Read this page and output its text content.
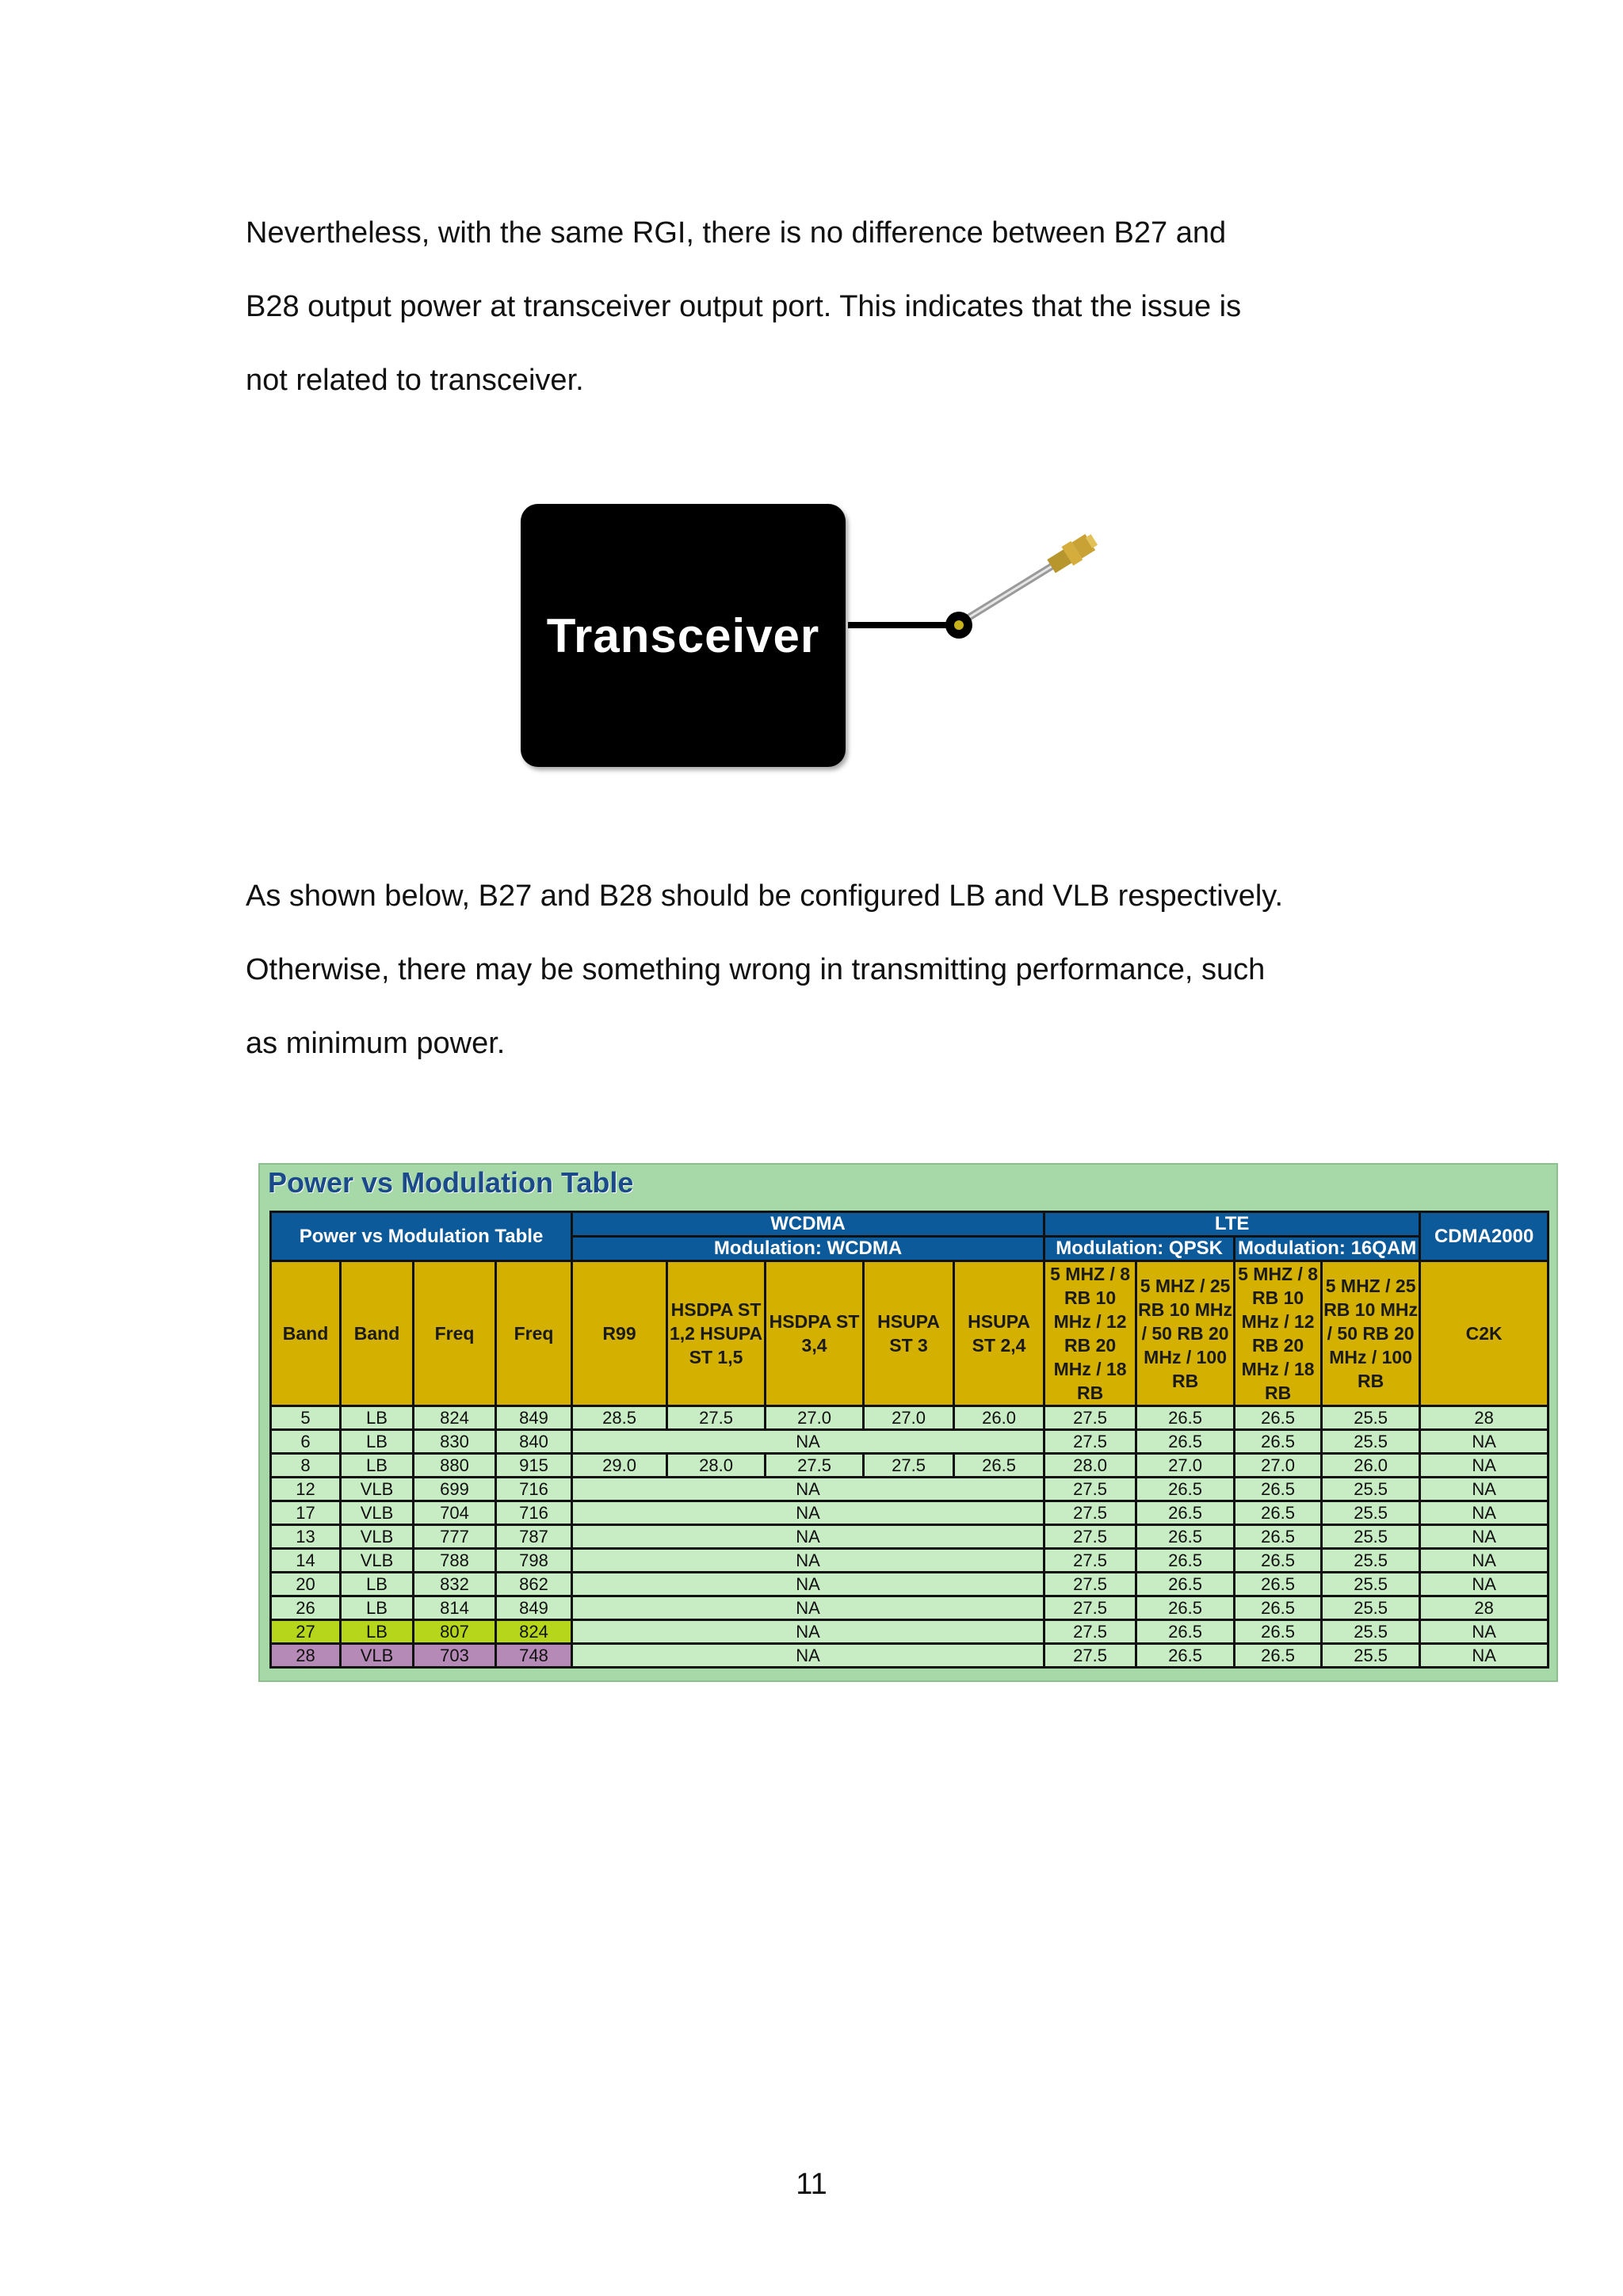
Nevertheless, with the same RGI, there is no difference between B27 and
B28 output power at transceiver output port. This indicates that the issue is
not related to transceiver.
Transceiver
As shown below, B27 and B28 should be configured LB and VLB respectively.
Otherwise, there may be something wrong in transmitting performance, such
as minimum power.
Power vs Modulation Table
Power vs Modulation Table				WCDMA					LTE				CDMA2000
				Modulation: WCDMA					Modulation: QPSK		Modulation: 16QAM		
Band	Band	Freq	Freq	R99	HSDPA ST 1,2 HSUPA ST 1,5	HSDPA ST 3,4	HSUPA ST 3	HSUPA ST 2,4	5 MHZ / 8 RB 10 MHz / 12 RB 20 MHz / 18 RB	5 MHZ / 25 RB 10 MHz / 50 RB 20 MHz / 100 RB	5 MHZ / 8 RB 10 MHz / 12 RB 20 MHz / 18 RB	5 MHZ / 25 RB 10 MHz / 50 RB 20 MHz / 100 RB	C2K
5	LB	824	849	28.5	27.5	27.0	27.0	26.0	27.5	26.5	26.5	25.5	28
6	LB	830	840	NA					27.5	26.5	26.5	25.5	NA
8	LB	880	915	29.0	28.0	27.5	27.5	26.5	28.0	27.0	27.0	26.0	NA
12	VLB	699	716	NA					27.5	26.5	26.5	25.5	NA
17	VLB	704	716	NA					27.5	26.5	26.5	25.5	NA
13	VLB	777	787	NA					27.5	26.5	26.5	25.5	NA
14	VLB	788	798	NA					27.5	26.5	26.5	25.5	NA
20	LB	832	862	NA					27.5	26.5	26.5	25.5	NA
26	LB	814	849	NA					27.5	26.5	26.5	25.5	28
27	LB	807	824	NA					27.5	26.5	26.5	25.5	NA
28	VLB	703	748	NA					27.5	26.5	26.5	25.5	NA
11
